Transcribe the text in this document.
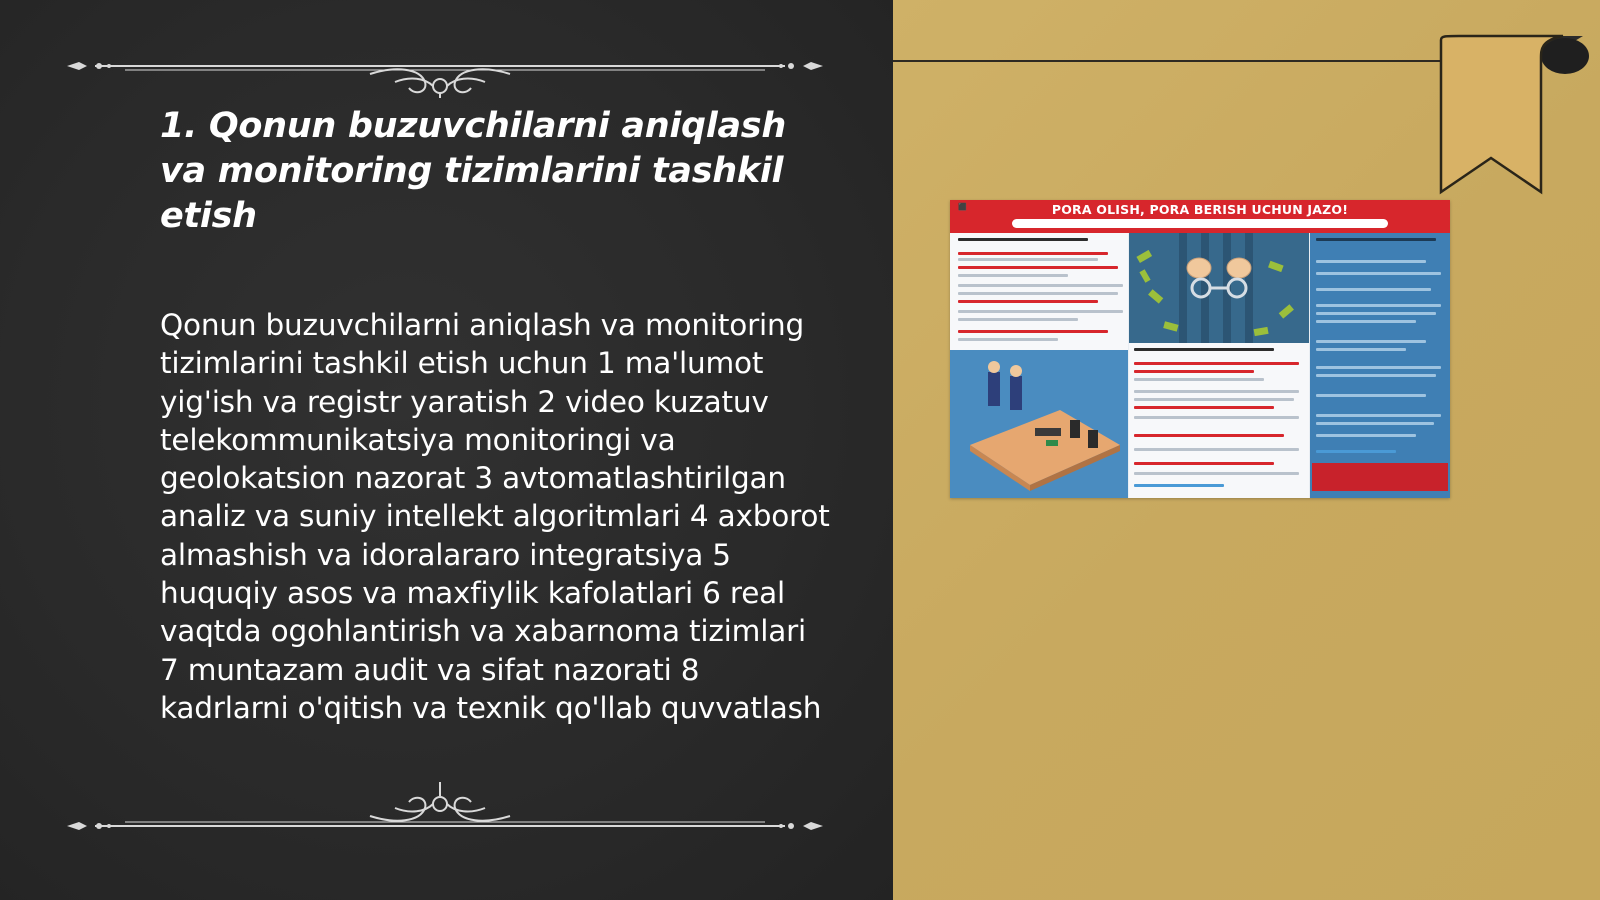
1. Qonun buzuvchilarni aniqlash va monitoring tizimlarini tashkil etish
Qonun buzuvchilarni aniqlash va monitoring tizimlarini tashkil etish uchun 1 ma'lumot yig'ish va registr yaratish 2 video kuzatuv telekommunikatsiya monitoringi va geolokatsion nazorat 3 avtomatlashtirilgan analiz va suniy intellekt algoritmlari 4 axborot almashish va idoralararo integratsiya 5 huquqiy asos va maxfiylik kafolatlari 6 real vaqtda ogohlantirish va xabarnoma tizimlari 7 muntazam audit va sifat nazorati 8 kadrlarni o'qitish va texnik qo'llab quvvatlash
⬛	PORA OLISH, PORA BERISH UCHUN JAZO!
